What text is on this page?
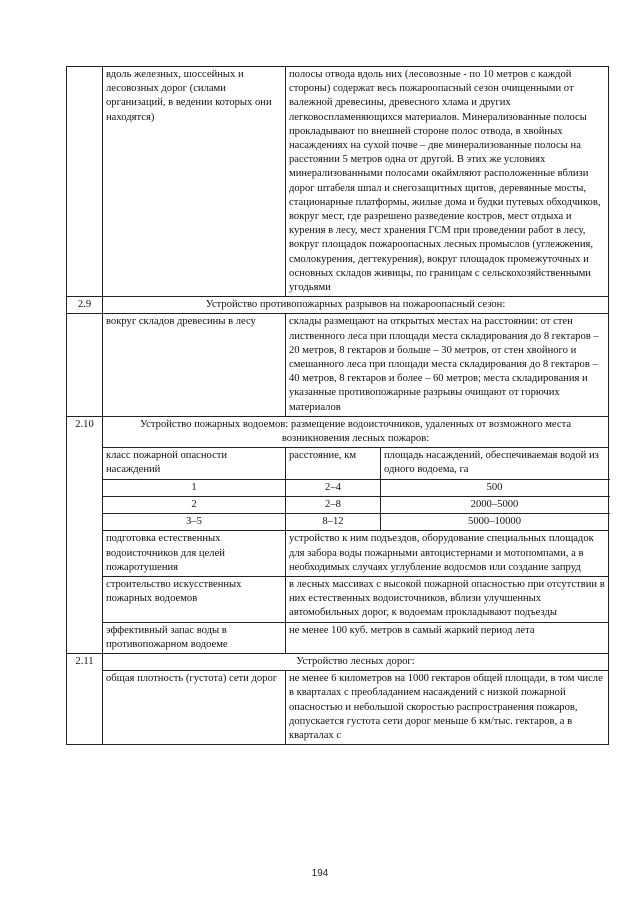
	вдоль железных, шоссейных и лесовозных дорог (силами организаций, в ведении которых они находятся)	полосы отвода вдоль них (лесовозные - по 10 метров с каждой стороны) содержат весь пожароопасный сезон очищенными от валежной древесины, древесного хлама и других легковоспламеняющихся материалов. Минерализованные полосы прокладывают по внешней стороне полос отвода, в хвойных насаждениях на сухой почве – две минерализованные полосы на расстоянии 5 метров одна от другой. В этих же условиях минерализованными полосами окаймляют расположенные вблизи дорог штабеля шпал и снегозащитных щитов, деревянные мосты, стационарные платформы, жилые дома и будки путевых обходчиков, вокруг мест, где разрешено разведение костров, мест отдыха и курения в лесу, мест хранения ГСМ при проведении работ в лесу, вокруг площадок пожароопасных лесных промыслов (углежжения, смолокурения, дегтекурения), вокруг площадок промежуточных и основных складов живицы, по границам с сельскохозяйственными угодьями	
2.9	Устройство противопожарных разрывов на пожароопасный сезон:		
	вокруг складов древесины в лесу	склады размещают на открытых местах на расстоянии: от стен лиственного леса при площади места складирования до 8 гектаров – 20 метров, 8 гектаров и больше – 30 метров, от стен хвойного и смешанного леса при площади места складирования до 8 гектаров – 40 метров, 8 гектаров и более – 60 метров; места складирования и указанные противопожарные разрывы очищают от горючих материалов	
2.10	Устройство пожарных водоемов: размещение водоисточников, удаленных от возможного места возникновения лесных пожаров:		
	класс пожарной опасности насаждений	расстояние, км	площадь насаждений, обеспечиваемая водой из одного водоема, га
	1	2–4	500
	2	2–8	2000–5000
	3–5	8–12	5000–10000
	подготовка естественных водоисточников для целей пожаротушения	устройство к ним подъездов, оборудование специальных площадок для забора воды пожарными автоцистернами и мотопомпами, а в необходимых случаях углубление водосмов или создание запруд	
	строительство искусственных пожарных водоемов	в лесных массивах с высокой пожарной опасностью при отсутствии в них естественных водоисточников, вблизи улучшенных автомобильных дорог, к водоемам прокладывают подъезды	
	эффективный запас воды в противопожарном водоеме	не менее 100 куб. метров в самый жаркий период лета	
2.11	Устройство лесных дорог:		
	общая плотность (густота) сети дорог	не менее 6 километров на 1000 гектаров общей площади, в том числе в кварталах с преобладанием насаждений с низкой пожарной опасностью и небольшой скоростью распространения пожаров, допускается густота сети дорог меньше 6 км/тыс. гектаров, а в кварталах с	
194
